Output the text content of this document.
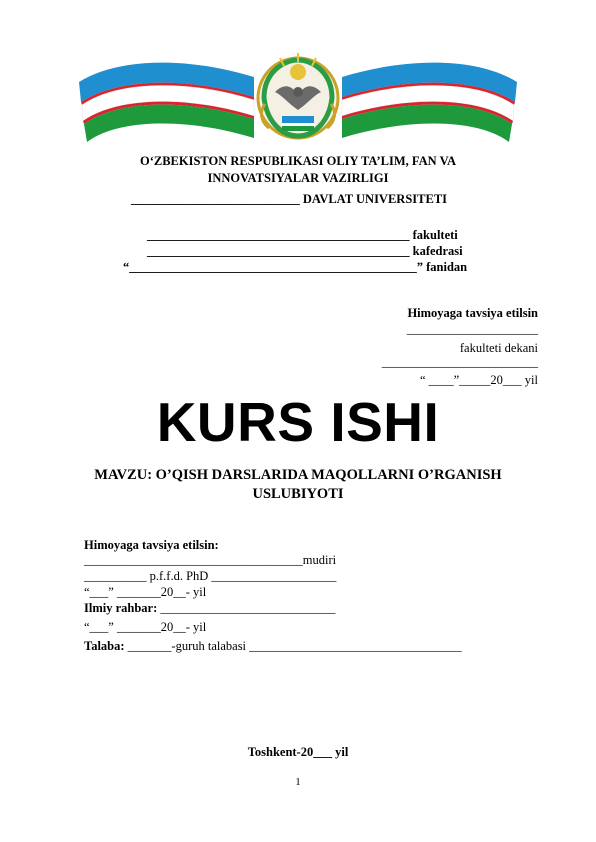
O‘ZBEKISTON RESPUBLIKASI OLIY TA’LIM, FAN VA
INNOVATSIYALAR VAZIRLIGI
___________________________ DAVLAT UNIVERSITETI
__________________________________________ fakulteti
__________________________________________ kafedrasi
“______________________________________________” fanidan
Himoyaga tavsiya etilsin
_____________________
fakulteti dekani
_________________________
“ ____”_____20___ yil
KURS ISHI
MAVZU: O’QISH DARSLARIDA MAQOLLARNI O’RGANISH
USLUBIYOTI
Himoyaga tavsiya etilsin:
___________________________________mudiri
__________ p.f.f.d. PhD ____________________
“___” _______20__- yil
Ilmiy rahbar: ____________________________
“___” _______20__- yil
Talaba: _______-guruh talabasi __________________________________
Toshkent-20___ yil
1
